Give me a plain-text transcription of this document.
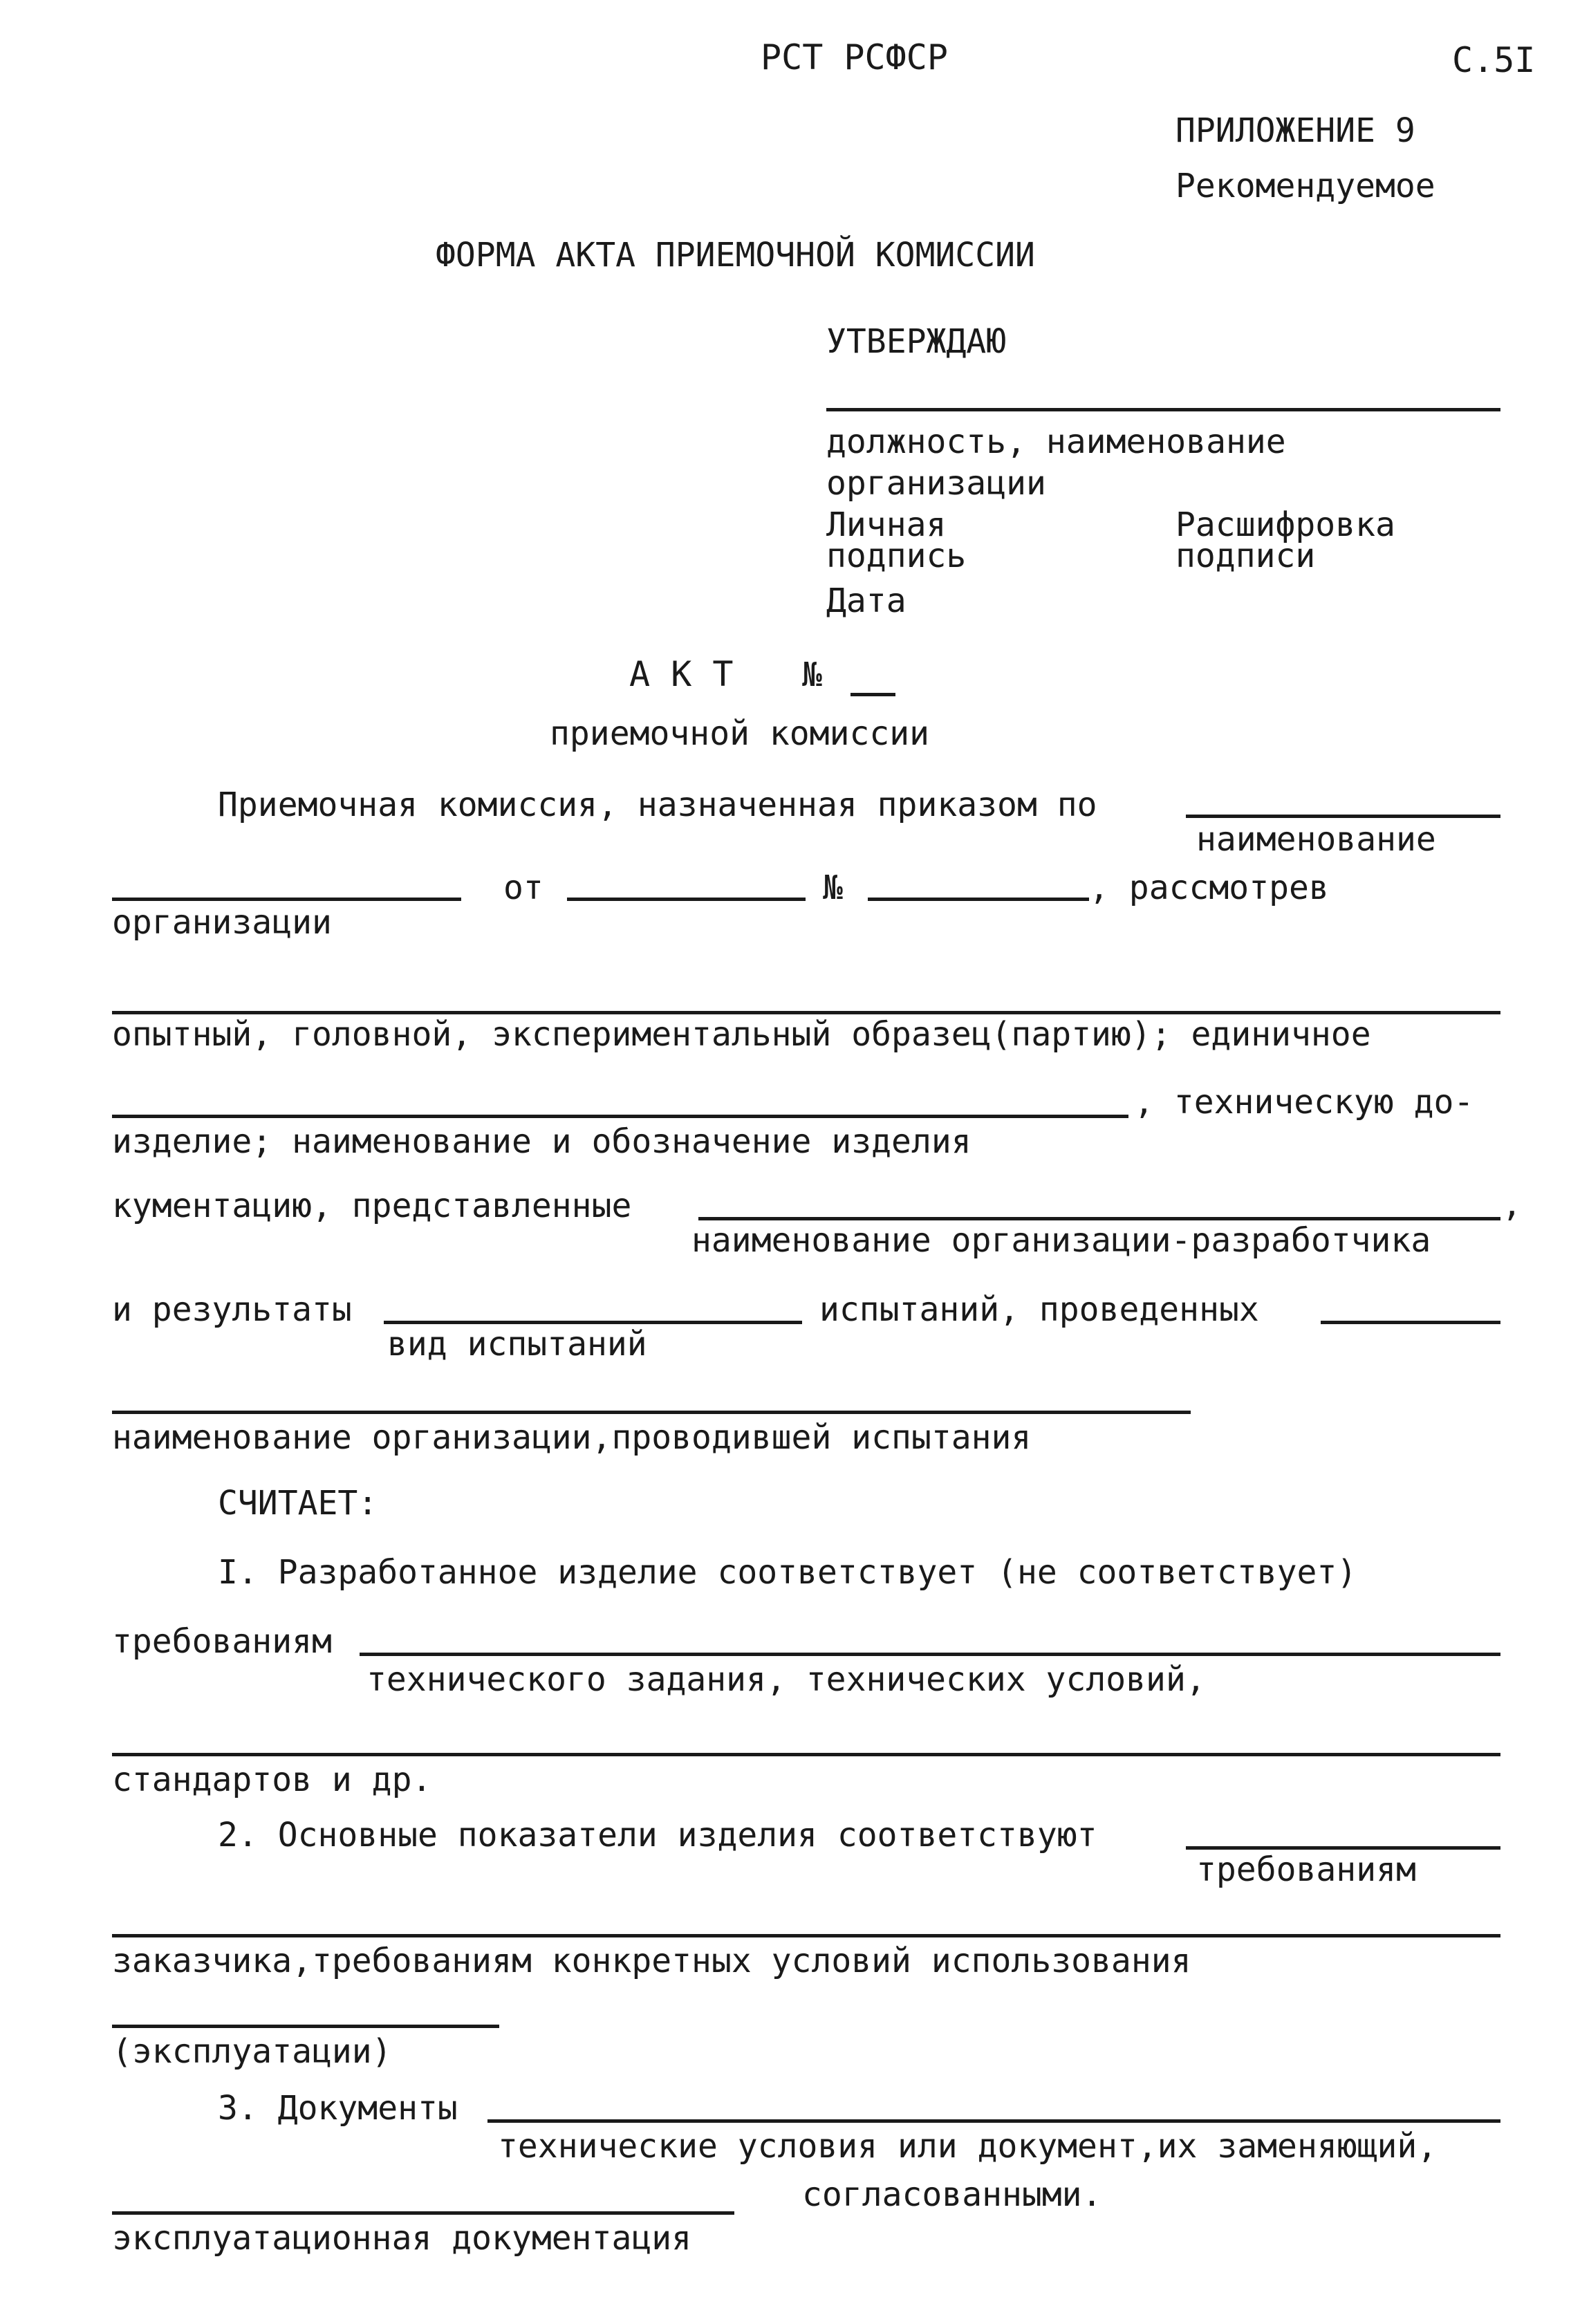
РСТ РСФСР	С.5I
ПРИЛОЖЕНИЕ 9
Рекомендуемое
ФОРМА АКТА ПРИЕМОЧНОЙ КОМИССИИ
УТВЕРЖДАЮ
должность, наименование
организации
Личная
подпись
Расшифровка
подписи
Дата
А К Т №
приемочной комиссии
Приемочная комиссия, назначенная приказом по
наименование
организации
от	№	, рассмотрев
опытный, головной, экспериментальный образец(партию); единичное
, техническую до-
изделие; наименование и обозначение изделия
кументацию, представленные	,
наименование организации-разработчика
и результаты	испытаний, проведенных
вид испытаний
наименование организации,проводившей испытания
СЧИТАЕТ:
I. Разработанное изделие соответствует (не соответствует)
требованиям
технического задания, технических условий,
стандартов и др.
2. Основные показатели изделия соответствуют
требованиям
заказчика,требованиям конкретных условий использования
(эксплуатации)
3. Документы
технические условия или документ,их заменяющий,
согласованными.
эксплуатационная документация
